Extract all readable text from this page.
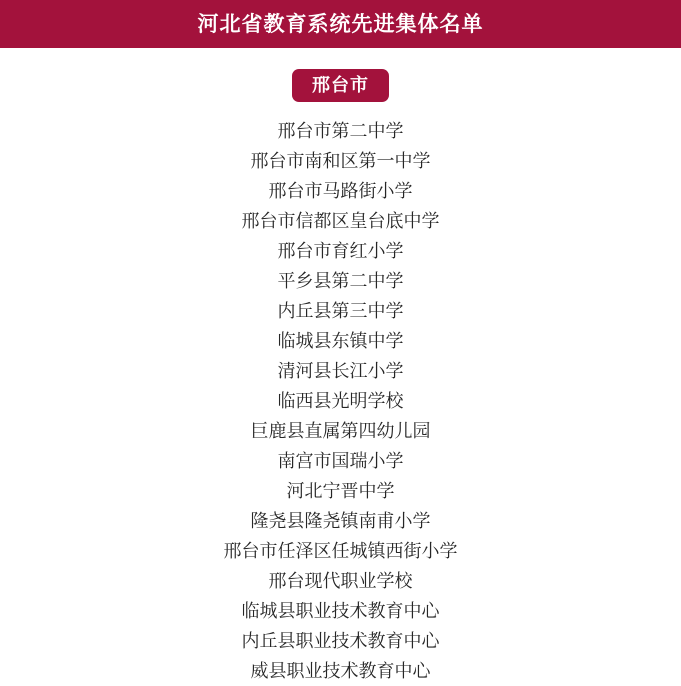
河北省教育系统先进集体名单
邢台市
邢台市第二中学
邢台市南和区第一中学
邢台市马路街小学
邢台市信都区皇台底中学
邢台市育红小学
平乡县第二中学
内丘县第三中学
临城县东镇中学
清河县长江小学
临西县光明学校
巨鹿县直属第四幼儿园
南宫市国瑞小学
河北宁晋中学
隆尧县隆尧镇南甫小学
邢台市任泽区任城镇西街小学
邢台现代职业学校
临城县职业技术教育中心
内丘县职业技术教育中心
威县职业技术教育中心
